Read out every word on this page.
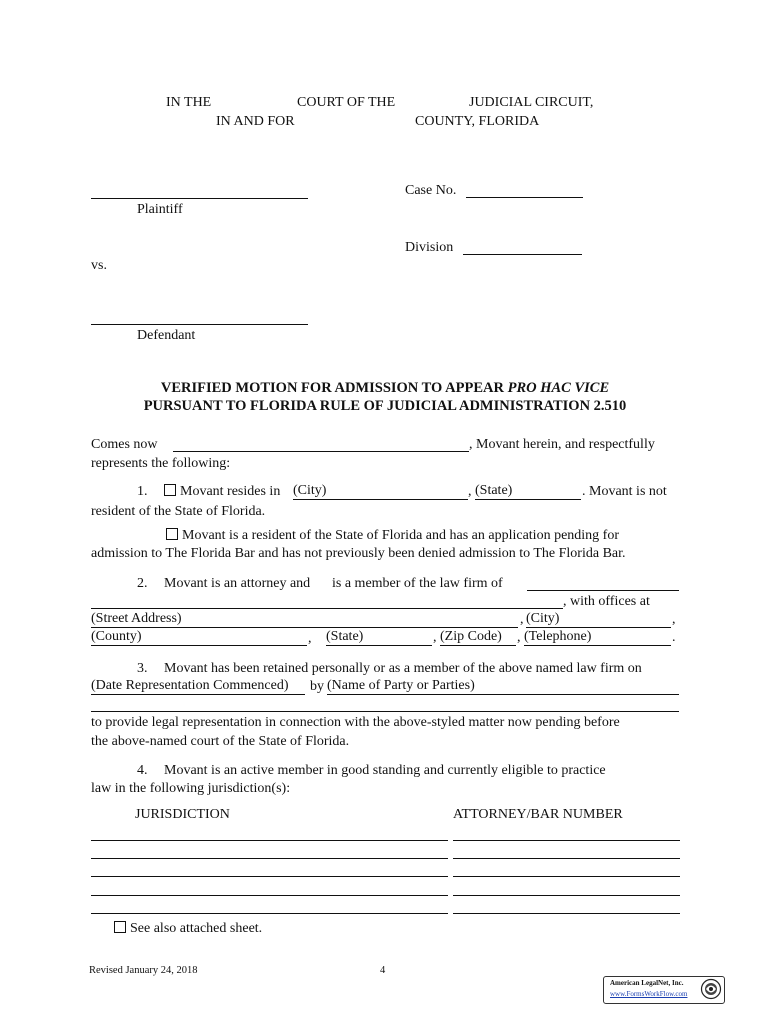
IN THE	COURT OF THE	JUDICIAL CIRCUIT,
IN AND FOR	COUNTY, FLORIDA
Plaintiff
Case No.
Division
vs.
Defendant
VERIFIED MOTION FOR ADMISSION TO APPEAR PRO HAC VICE
PURSUANT TO FLORIDA RULE OF JUDICIAL ADMINISTRATION 2.510
Comes now	, Movant herein, and respectfully
represents the following:
1.	Movant resides in (City)	, (State)	. Movant is not
resident of the State of Florida.
Movant is a resident of the State of Florida and has an application pending for
admission to The Florida Bar and has not previously been denied admission to The Florida Bar.
2. Movant is an attorney and is a member of the law firm of
, with offices at
(Street Address)	, (City)	,
(County)	, (State)	, (Zip Code)	, (Telephone)	.
3. Movant has been retained personally or as a member of the above named law firm on
(Date Representation Commenced)	by (Name of Party or Parties)
to provide legal representation in connection with the above-styled matter now pending before
the above-named court of the State of Florida.
4. Movant is an active member in good standing and currently eligible to practice
law in the following jurisdiction(s):
JURISDICTION	ATTORNEY/BAR NUMBER
See also attached sheet.
Revised January 24, 2018	4
American LegalNet, Inc.
www.FormsWorkFlow.com
